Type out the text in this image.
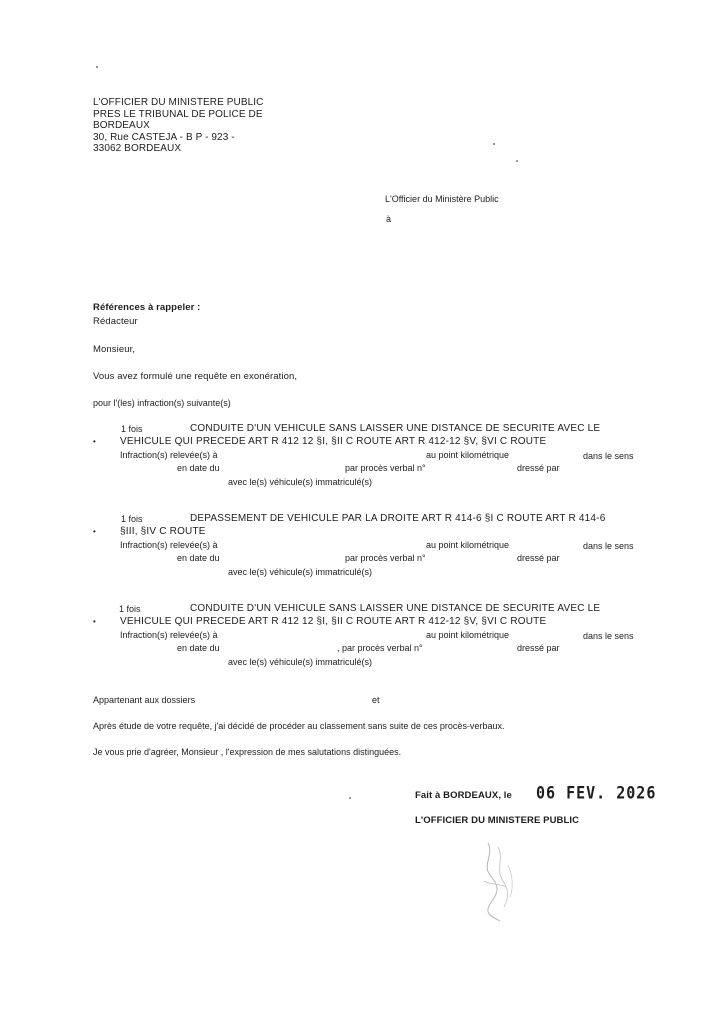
L'OFFICIER DU MINISTERE PUBLIC
PRES LE TRIBUNAL DE POLICE DE
BORDEAUX
30, Rue CASTEJA - B P - 923 -
33062 BORDEAUX
L'Officier du Ministère Public
à
Références à rappeler :
Rédacteur
Monsieur,
Vous avez formulé une requête en exonération,
pour l'(les) infraction(s) suivante(s)
1 fois	CONDUITE D'UN VEHICULE SANS LAISSER UNE DISTANCE DE SECURITE AVEC LE
• VEHICULE QUI PRECEDE ART R 412 12 §I, §II C ROUTE ART R 412-12 §V, §VI C ROUTE
Infraction(s) relevée(s) à	au point kilométrique	dans le sens
en date du	par procès verbal n°	dressé par
avec le(s) véhicule(s) immatriculé(s)
1 fois	DEPASSEMENT DE VEHICULE PAR LA DROITE ART R 414-6 §I C ROUTE ART R 414-6
• §III, §IV C ROUTE
Infraction(s) relevée(s) à	au point kilométrique	dans le sens
en date du	par procès verbal n°	dressé par
avec le(s) véhicule(s) immatriculé(s)
1 fois	CONDUITE D'UN VEHICULE SANS LAISSER UNE DISTANCE DE SECURITE AVEC LE
• VEHICULE QUI PRECEDE ART R 412 12 §I, §II C ROUTE ART R 412-12 §V, §VI C ROUTE
Infraction(s) relevée(s) à	au point kilométrique	dans le sens
en date du	, par procès verbal n°	dressé par
avec le(s) véhicule(s) immatriculé(s)
Appartenant aux dossiers	et
Après étude de votre requête, j'ai décidé de procéder au classement sans suite de ces procès-verbaux.
Je vous prie d'agréer, Monsieur , l'expression de mes salutations distinguées.
Fait à BORDEAUX, le 06 FEV. 2026
L'OFFICIER DU MINISTERE PUBLIC
